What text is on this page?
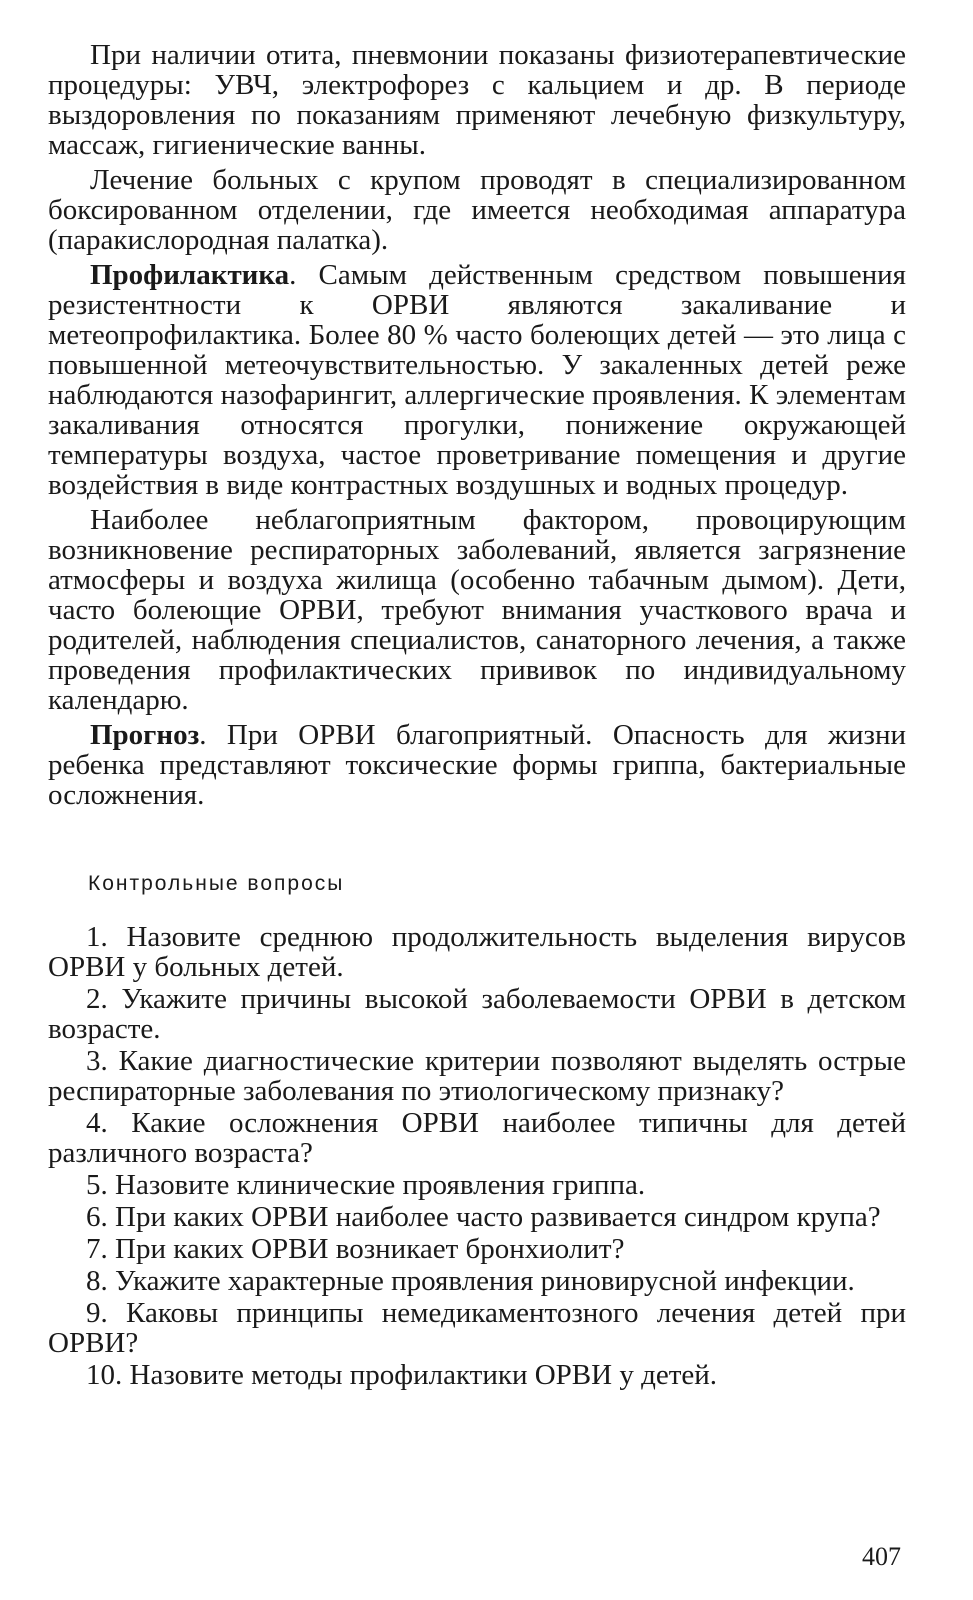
При наличии отита, пневмонии показаны физиотерапевтические процедуры: УВЧ, электрофорез с кальцием и др. В периоде выздоровления по показаниям применяют лечебную физкультуру, массаж, гигиенические ванны.

Лечение больных с крупом проводят в специализированном боксированном отделении, где имеется необходимая аппаратура (паракислородная палатка).

Профилактика. Самым действенным средством повышения резистентности к ОРВИ являются закаливание и метеопрофилактика. Более 80 % часто болеющих детей — это лица с повышенной метеочувствительностью. У закаленных детей реже наблюдаются назофарингит, аллергические проявления. К элементам закаливания относятся прогулки, понижение окружающей температуры воздуха, частое проветривание помещения и другие воздействия в виде контрастных воздушных и водных процедур.

Наиболее неблагоприятным фактором, провоцирующим возникновение респираторных заболеваний, является загрязнение атмосферы и воздуха жилища (особенно табачным дымом). Дети, часто болеющие ОРВИ, требуют внимания участкового врача и родителей, наблюдения специалистов, санаторного лечения, а также проведения профилактических прививок по индивидуальному календарю.

Прогноз. При ОРВИ благоприятный. Опасность для жизни ребенка представляют токсические формы гриппа, бактериальные осложнения.

Контрольные вопросы
1. Назовите среднюю продолжительность выделения вирусов ОРВИ у больных детей.
2. Укажите причины высокой заболеваемости ОРВИ в детском возрасте.
3. Какие диагностические критерии позволяют выделять острые респираторные заболевания по этиологическому признаку?
4. Какие осложнения ОРВИ наиболее типичны для детей различного возраста?
5. Назовите клинические проявления гриппа.
6. При каких ОРВИ наиболее часто развивается синдром крупа?
7. При каких ОРВИ возникает бронхиолит?
8. Укажите характерные проявления риновирусной инфекции.
9. Каковы принципы немедикаментозного лечения детей при ОРВИ?
10. Назовите методы профилактики ОРВИ у детей.
407
